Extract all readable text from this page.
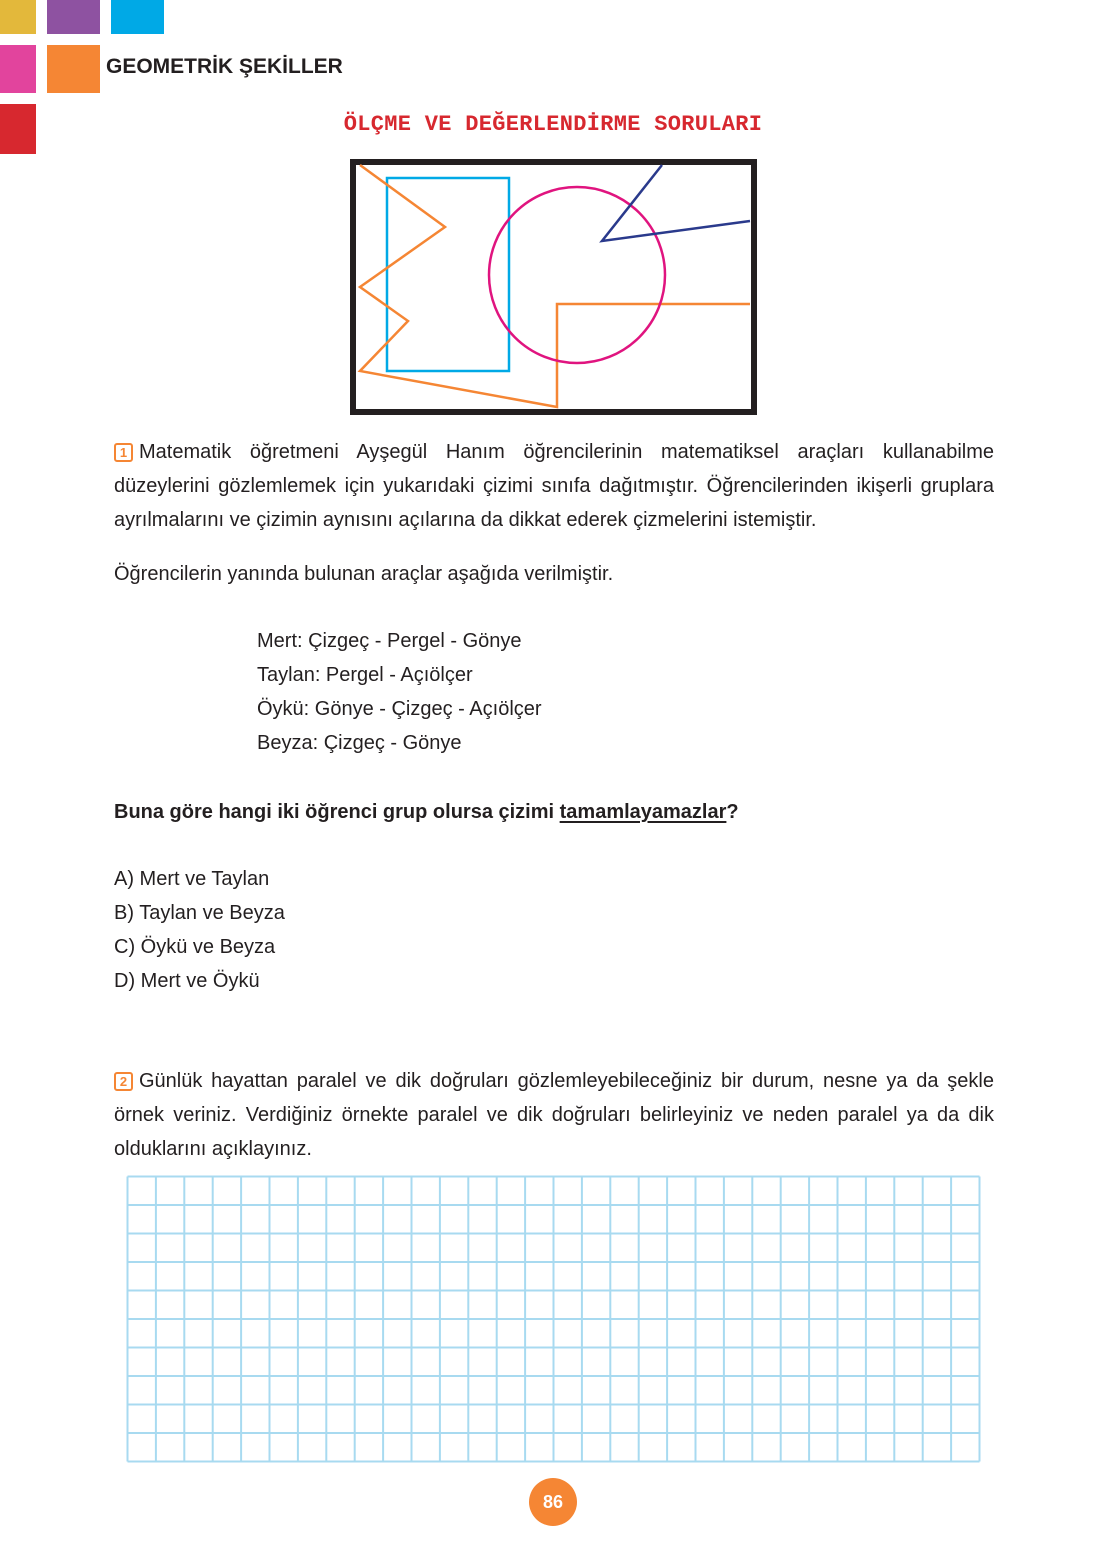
GEOMETRİK ŞEKİLLER
ÖLÇME VE DEĞERLENDİRME SORULARI

1 Matematik öğretmeni Ayşegül Hanım öğrencilerinin matematiksel araçları kullanabilme düzeylerini gözlemlemek için yukarıdaki çizimi sınıfa dağıtmıştır. Öğrencilerinden ikişerli gruplara ayrılmalarını ve çizimin aynısını açılarına da dikkat ederek çizmelerini istemiştir.

Öğrencilerin yanında bulunan araçlar aşağıda verilmiştir.

Mert: Çizgeç - Pergel - Gönye
Taylan: Pergel - Açıölçer
Öykü: Gönye - Çizgeç - Açıölçer
Beyza: Çizgeç - Gönye

Buna göre hangi iki öğrenci grup olursa çizimi tamamlayamazlar?

A) Mert ve Taylan
B) Taylan ve Beyza
C) Öykü ve Beyza
D) Mert ve Öykü

2 Günlük hayattan paralel ve dik doğruları gözlemleyebileceğiniz bir durum, nesne ya da şekle örnek veriniz. Verdiğiniz örnekte paralel ve dik doğruları belirleyiniz ve neden paralel ya da dik olduklarını açıklayınız.

86
